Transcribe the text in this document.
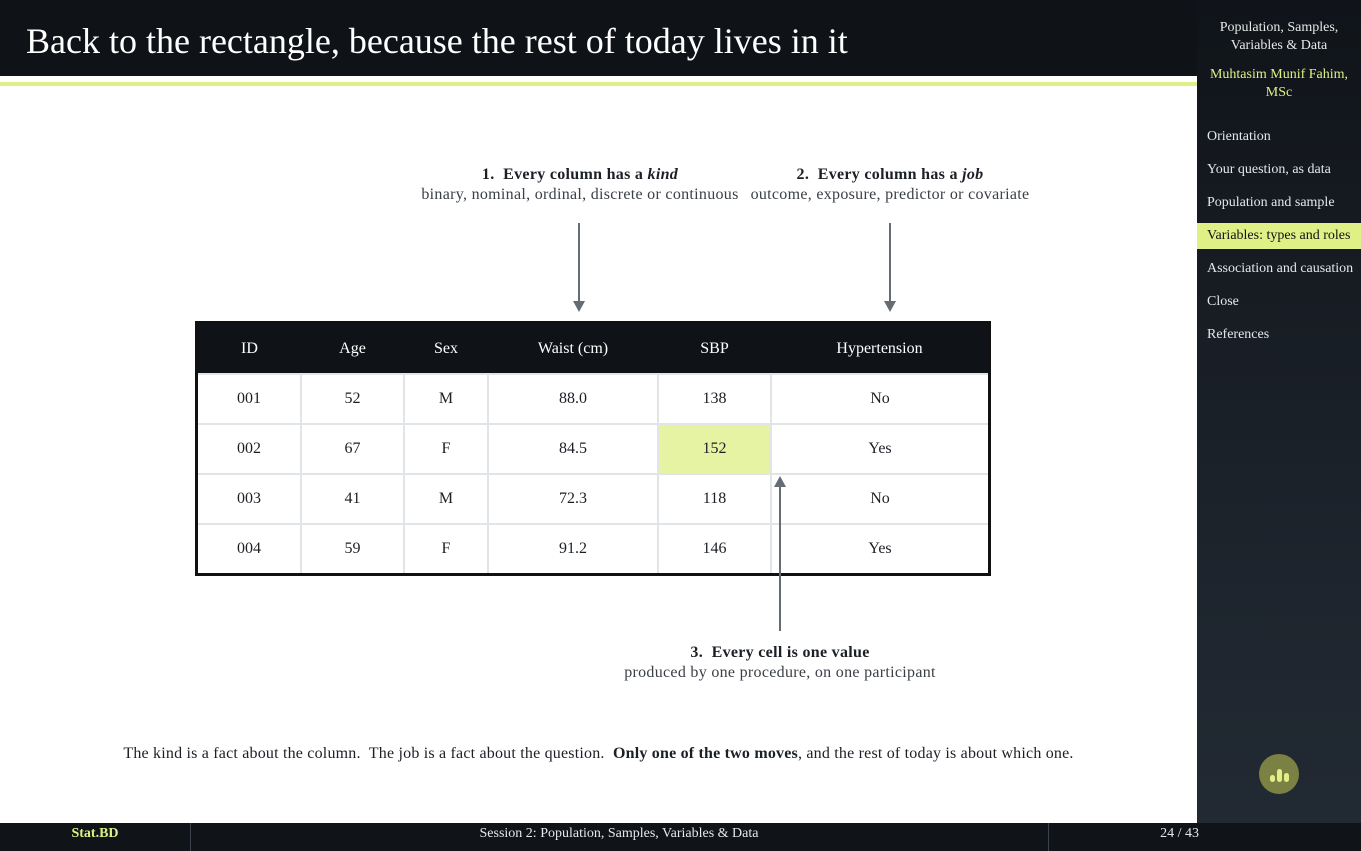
Back to the rectangle, because the rest of today lives in it
1. Every column has a kind
binary, nominal, ordinal, discrete or continuous
2. Every column has a job
outcome, exposure, predictor or covariate
ID	Age	Sex	Waist (cm)	SBP	Hypertension
001	52	M	88.0	138	No
002	67	F	84.5	152	Yes
003	41	M	72.3	118	No
004	59	F	91.2	146	Yes
3. Every cell is one value
produced by one procedure, on one participant
The kind is a fact about the column.  The job is a fact about the question.  Only one of the two moves, and the rest of today is about which one.
Population, Samples, Variables & Data
Muhtasim Munif Fahim, MSc
Orientation
Your question, as data
Population and sample
Variables: types and roles
Association and causation
Close
References
Stat.BD	Session 2: Population, Samples, Variables & Data	24 / 43
